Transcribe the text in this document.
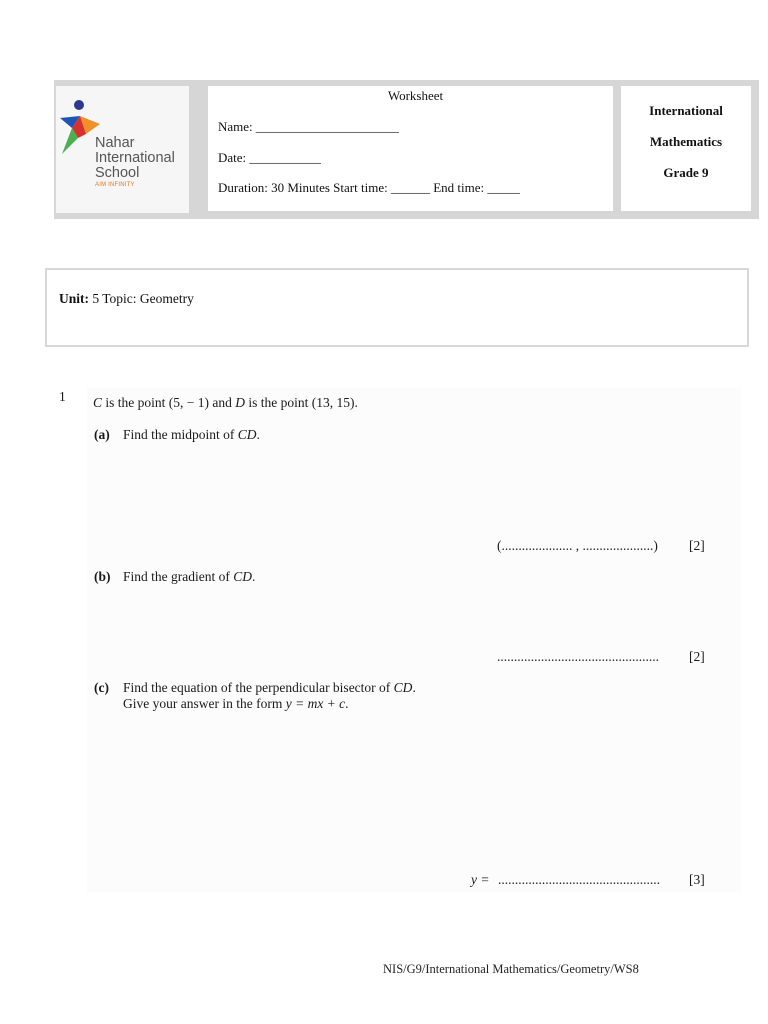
Nahar
International
School
AIM INFINITY
Worksheet
Name: ______________________
Date: ___________
Duration: 30 Minutes Start time: ______ End time: _____
International
Mathematics
Grade 9
Unit: 5 Topic: Geometry
1 C is the point (5, − 1) and D is the point (13, 15).
(a) Find the midpoint of CD.
(..................... , .....................) [2]
(b) Find the gradient of CD.
................................................ [2]
(c) Find the equation of the perpendicular bisector of CD.
Give your answer in the form y = mx + c.
y = ................................................ [3]
NIS/G9/International Mathematics/Geometry/WS8
